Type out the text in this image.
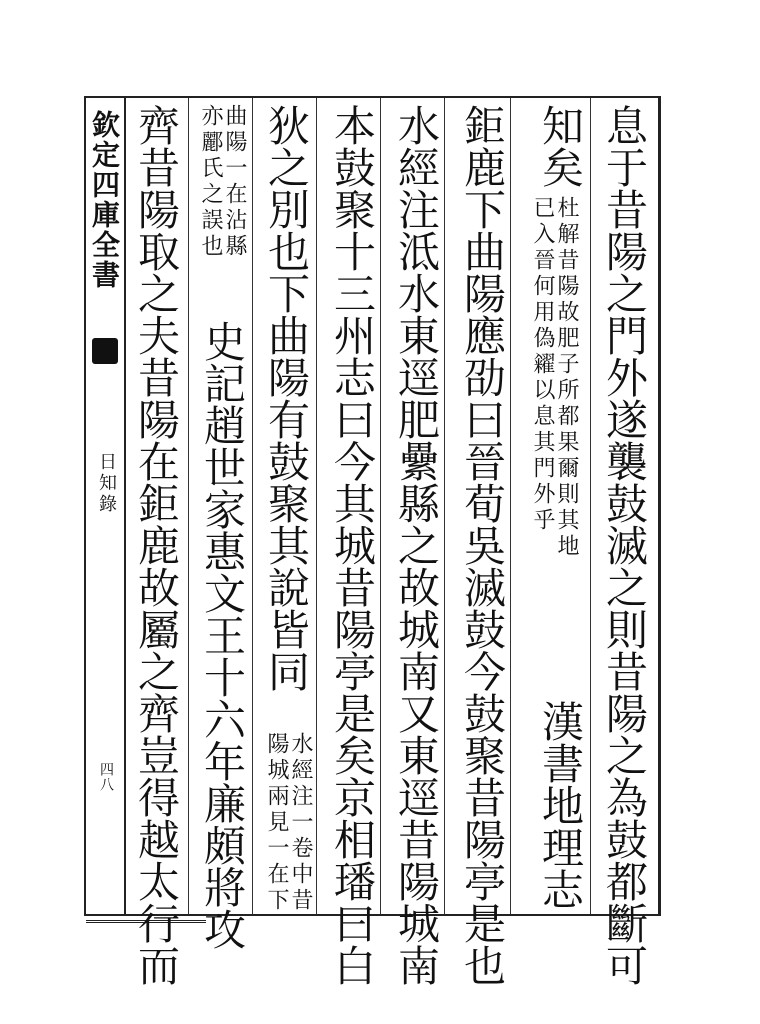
欽定四庫全書
日知錄
四八	息于昔陽之門外遂襲鼓滅之則昔陽之為鼓都斷可
知矣
杜解昔陽故肥子所都果爾則其地
已入晉何用偽糴以息其門外乎
漢書地理志
鉅鹿下曲陽應劭曰晉荀吳滅鼓今鼓聚昔陽亭是也
水經注泜水東逕肥纍縣之故城南又東逕昔陽城南
本鼓聚十三州志曰今其城昔陽亭是矣京相璠曰白
狄之別也下曲陽有鼓聚其說皆同
水經注一卷中昔
陽城兩見一在下
曲陽一在沾縣
亦酈氏之誤也
史記趙世家惠文王十六年廉頗將攻
齊昔陽取之夫昔陽在鉅鹿故屬之齊豈得越太行而
